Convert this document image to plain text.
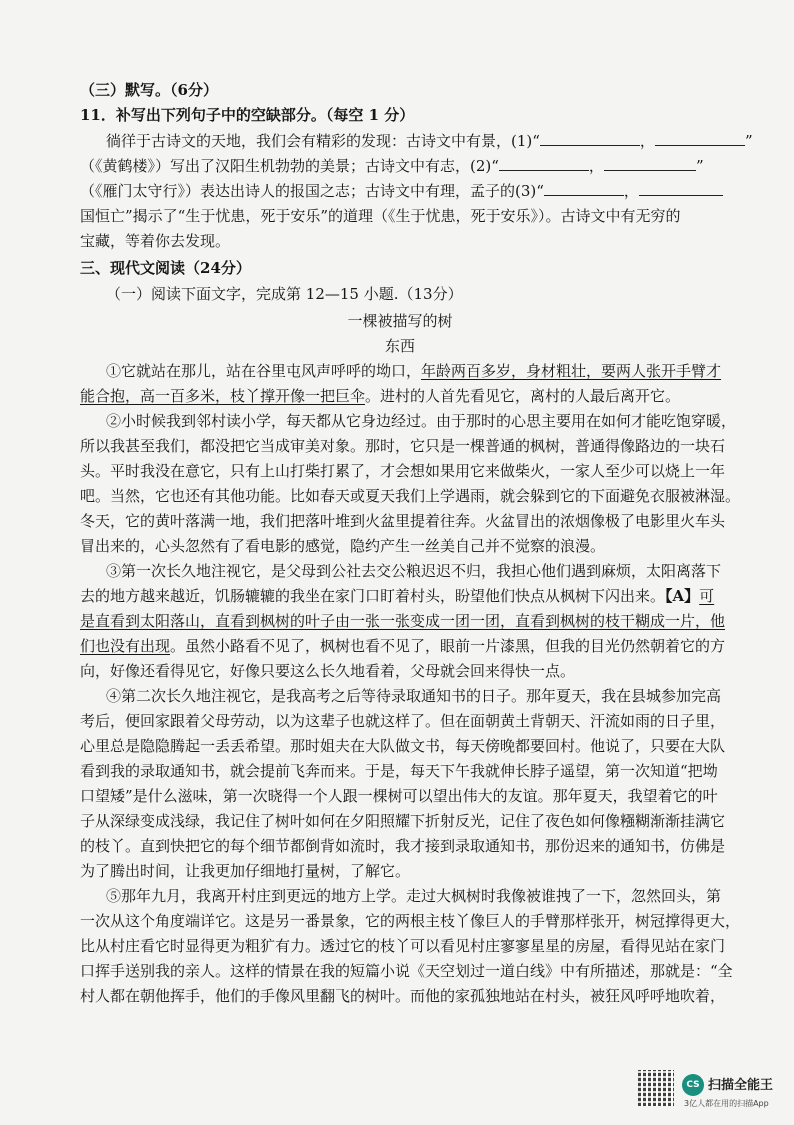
（三）默写。（6分）
11．补写出下列句子中的空缺部分。（每空 1 分）
徜徉于古诗文的天地，我们会有精彩的发现：古诗文中有景，(1)“	，	”
（《黄鹤楼》）写出了汉阳生机勃勃的美景；古诗文中有志，(2)“	，	”
（《雁门太守行》）表达出诗人的报国之志；古诗文中有理，孟子的(3)“	，
国恒亡”揭示了“生于忧患，死于安乐”的道理（《生于忧患，死于安乐》）。古诗文中有无穷的
宝藏，等着你去发现。
三、现代文阅读（24分）
（一）阅读下面文字，完成第 12—15 小题.（13分）
一棵被描写的树
东西
①它就站在那儿，站在谷里屯风声呼呼的坳口，年龄两百多岁，身材粗壮，要两人张开手臂才
能合抱，高一百多米，枝丫撑开像一把巨伞。进村的人首先看见它，离村的人最后离开它。
②小时候我到邻村读小学，每天都从它身边经过。由于那时的心思主要用在如何才能吃饱穿暖，
所以我甚至我们，都没把它当成审美对象。那时，它只是一棵普通的枫树，普通得像路边的一块石
头。平时我没在意它，只有上山打柴打累了，才会想如果用它来做柴火，一家人至少可以烧上一年
吧。当然，它也还有其他功能。比如春天或夏天我们上学遇雨，就会躲到它的下面避免衣服被淋湿。
冬天，它的黄叶落满一地，我们把落叶堆到火盆里提着往奔。火盆冒出的浓烟像极了电影里火车头
冒出来的，心头忽然有了看电影的感觉，隐约产生一丝美自己并不觉察的浪漫。
③第一次长久地注视它，是父母到公社去交公粮迟迟不归，我担心他们遇到麻烦，太阳离落下
去的地方越来越近，饥肠辘辘的我坐在家门口盯着村头，盼望他们快点从枫树下闪出来。【A】可
是直看到太阳落山，直看到枫树的叶子由一张一张变成一团一团，直看到枫树的枝干糊成一片，他
们也没有出现。虽然小路看不见了，枫树也看不见了，眼前一片漆黑，但我的目光仍然朝着它的方
向，好像还看得见它，好像只要这么长久地看着，父母就会回来得快一点。
④第二次长久地注视它，是我高考之后等待录取通知书的日子。那年夏天，我在县城参加完高
考后，便回家跟着父母劳动，以为这辈子也就这样了。但在面朝黄土背朝天、汗流如雨的日子里，
心里总是隐隐腾起一丢丢希望。那时姐夫在大队做文书，每天傍晚都要回村。他说了，只要在大队
看到我的录取通知书，就会提前飞奔而来。于是，每天下午我就伸长脖子遥望，第一次知道“把坳
口望矮”是什么滋味，第一次晓得一个人跟一棵树可以望出伟大的友谊。那年夏天，我望着它的叶
子从深绿变成浅绿，我记住了树叶如何在夕阳照耀下折射反光，记住了夜色如何像糨糊渐渐挂满它
的枝丫。直到快把它的每个细节都倒背如流时，我才接到录取通知书，那份迟来的通知书，仿佛是
为了腾出时间，让我更加仔细地打量树，了解它。
⑤那年九月，我离开村庄到更远的地方上学。走过大枫树时我像被谁拽了一下，忽然回头，第
一次从这个角度端详它。这是另一番景象，它的两根主枝丫像巨人的手臂那样张开，树冠撑得更大，
比从村庄看它时显得更为粗犷有力。透过它的枝丫可以看见村庄寥寥星星的房屋，看得见站在家门
口挥手送别我的亲人。这样的情景在我的短篇小说《天空划过一道白线》中有所描述，那就是：“全
村人都在朝他挥手，他们的手像风里翻飞的树叶。而他的家孤独地站在村头，被狂风呼呼地吹着，
CS 扫描全能王
3亿人都在用的扫描App
